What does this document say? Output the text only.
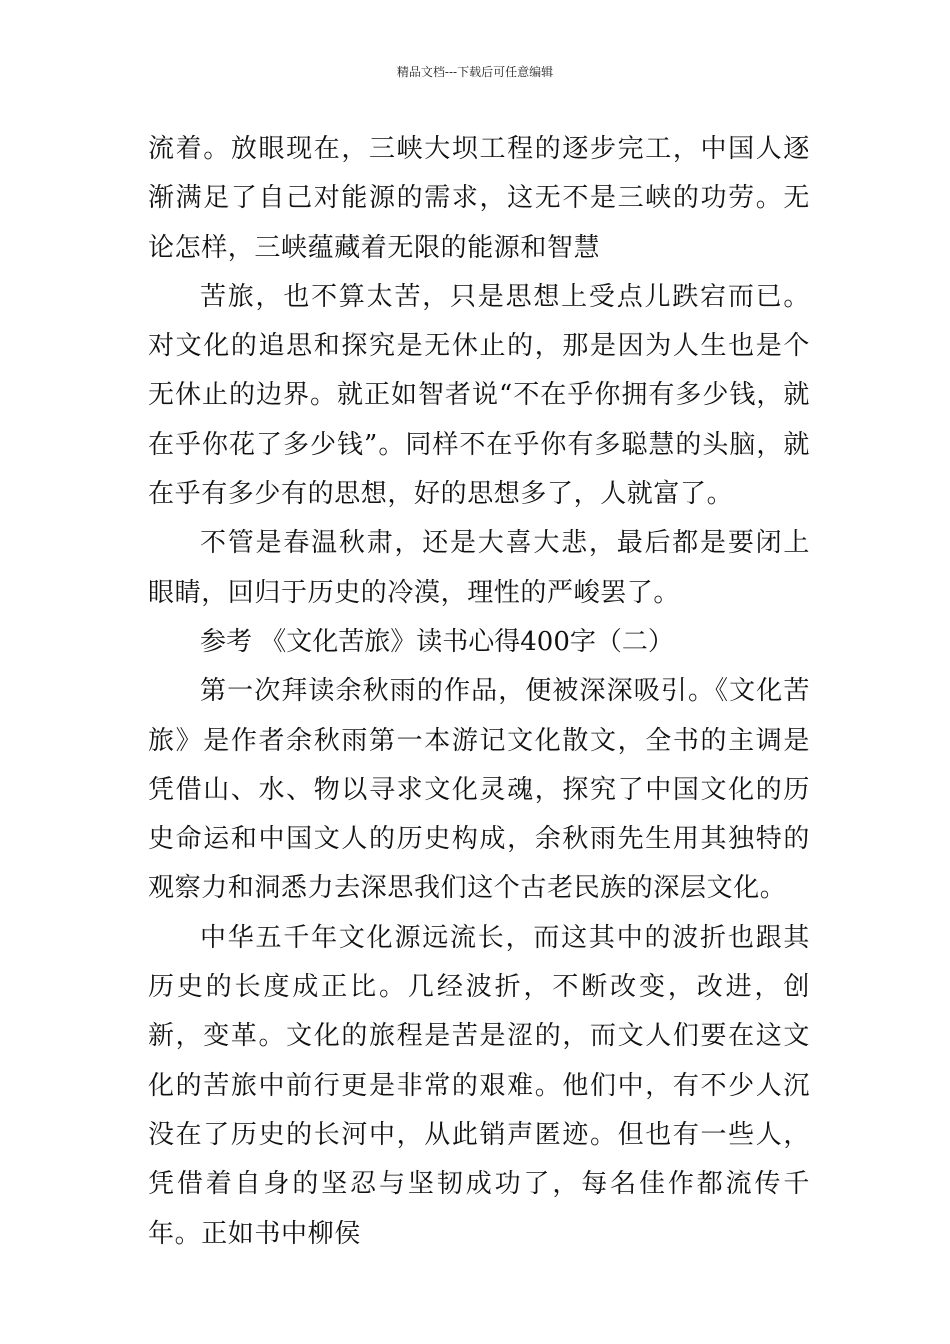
精品文档---下载后可任意编辑

流着。放眼现在，三峡大坝工程的逐步完工，中国人逐渐满足了自己对能源的需求，这无不是三峡的功劳。无论怎样，三峡蕴藏着无限的能源和智慧

苦旅，也不算太苦，只是思想上受点儿跌宕而已。对文化的追思和探究是无休止的，那是因为人生也是个无休止的边界。就正如智者说“不在乎你拥有多少钱，就在乎你花了多少钱”。同样不在乎你有多聪慧的头脑，就在乎有多少有的思想，好的思想多了，人就富了。

不管是春温秋肃，还是大喜大悲，最后都是要闭上眼睛，回归于历史的冷漠，理性的严峻罢了。

参考 《文化苦旅》读书心得400字（二）

第一次拜读余秋雨的作品，便被深深吸引。《文化苦旅》是作者余秋雨第一本游记文化散文，全书的主调是凭借山、水、物以寻求文化灵魂，探究了中国文化的历史命运和中国文人的历史构成，余秋雨先生用其独特的观察力和洞悉力去深思我们这个古老民族的深层文化。

中华五千年文化源远流长，而这其中的波折也跟其历史的长度成正比。几经波折，不断改变，改进，创新，变革。文化的旅程是苦是涩的，而文人们要在这文化的苦旅中前行更是非常的艰难。他们中，有不少人沉没在了历史的长河中，从此销声匿迹。但也有一些人，凭借着自身的坚忍与坚韧成功了，每名佳作都流传千年。正如书中柳侯
